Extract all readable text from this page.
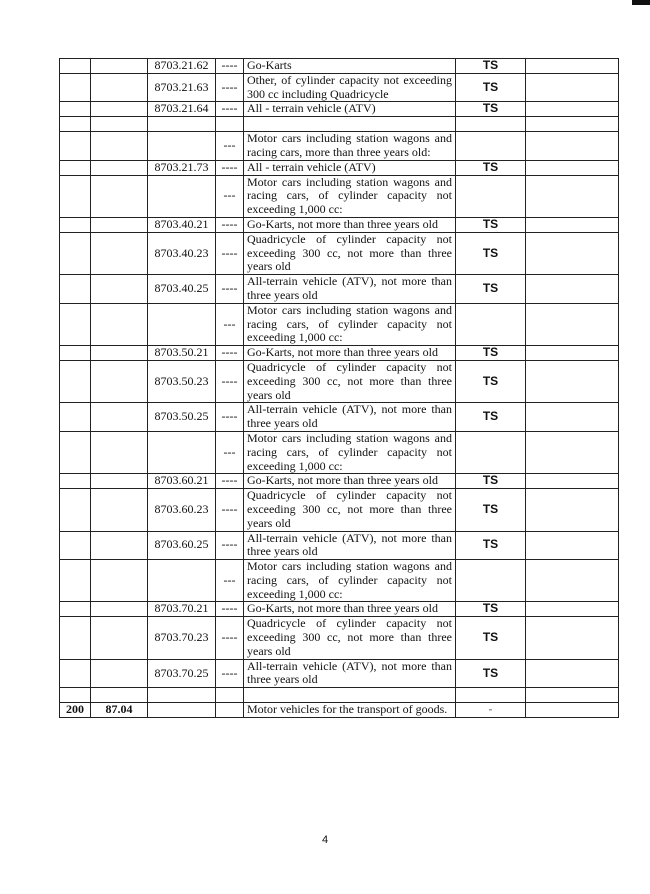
		8703.21.62	----	Go-Karts	TS	
		8703.21.63	----	Other, of cylinder capacity not exceeding 300 cc including Quadricycle	TS	
		8703.21.64	----	All - terrain vehicle (ATV)	TS	

			---	Motor cars including station wagons and racing cars, more than three years old:		
		8703.21.73	----	All - terrain vehicle (ATV)	TS	
			---	Motor cars including station wagons and racing cars, of cylinder capacity not exceeding 1,000 cc:		
		8703.40.21	----	Go-Karts, not more than three years old	TS	
		8703.40.23	----	Quadricycle of cylinder capacity not exceeding 300 cc, not more than three years old	TS	
		8703.40.25	----	All-terrain vehicle (ATV), not more than three years old	TS	
			---	Motor cars including station wagons and racing cars, of cylinder capacity not exceeding 1,000 cc:		
		8703.50.21	----	Go-Karts, not more than three years old	TS	
		8703.50.23	----	Quadricycle of cylinder capacity not exceeding 300 cc, not more than three years old	TS	
		8703.50.25	----	All-terrain vehicle (ATV), not more than three years old	TS	
			---	Motor cars including station wagons and racing cars, of cylinder capacity not exceeding 1,000 cc:		
		8703.60.21	----	Go-Karts, not more than three years old	TS	
		8703.60.23	----	Quadricycle of cylinder capacity not exceeding 300 cc, not more than three years old	TS	
		8703.60.25	----	All-terrain vehicle (ATV), not more than three years old	TS	
			---	Motor cars including station wagons and racing cars, of cylinder capacity not exceeding 1,000 cc:		
		8703.70.21	----	Go-Karts, not more than three years old	TS	
		8703.70.23	----	Quadricycle of cylinder capacity not exceeding 300 cc, not more than three years old	TS	
		8703.70.25	----	All-terrain vehicle (ATV), not more than three years old	TS	

200	87.04			Motor vehicles for the transport of goods.	-	
4
